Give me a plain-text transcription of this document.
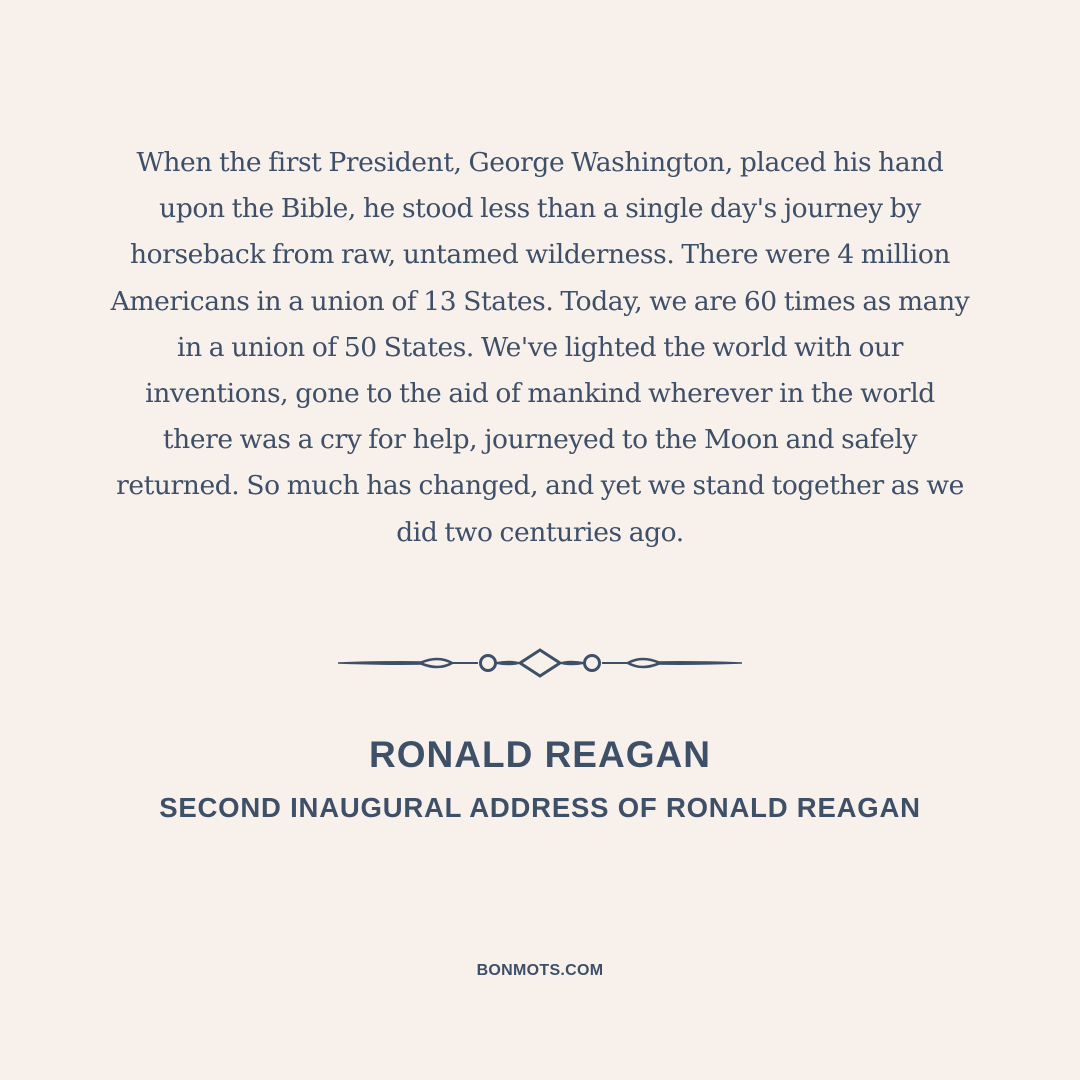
When the first President, George Washington, placed his hand
upon the Bible, he stood less than a single day's journey by
horseback from raw, untamed wilderness. There were 4 million
Americans in a union of 13 States. Today, we are 60 times as many
in a union of 50 States. We've lighted the world with our
inventions, gone to the aid of mankind wherever in the world
there was a cry for help, journeyed to the Moon and safely
returned. So much has changed, and yet we stand together as we
did two centuries ago.

RONALD REAGAN
SECOND INAUGURAL ADDRESS OF RONALD REAGAN
BONMOTS.COM
